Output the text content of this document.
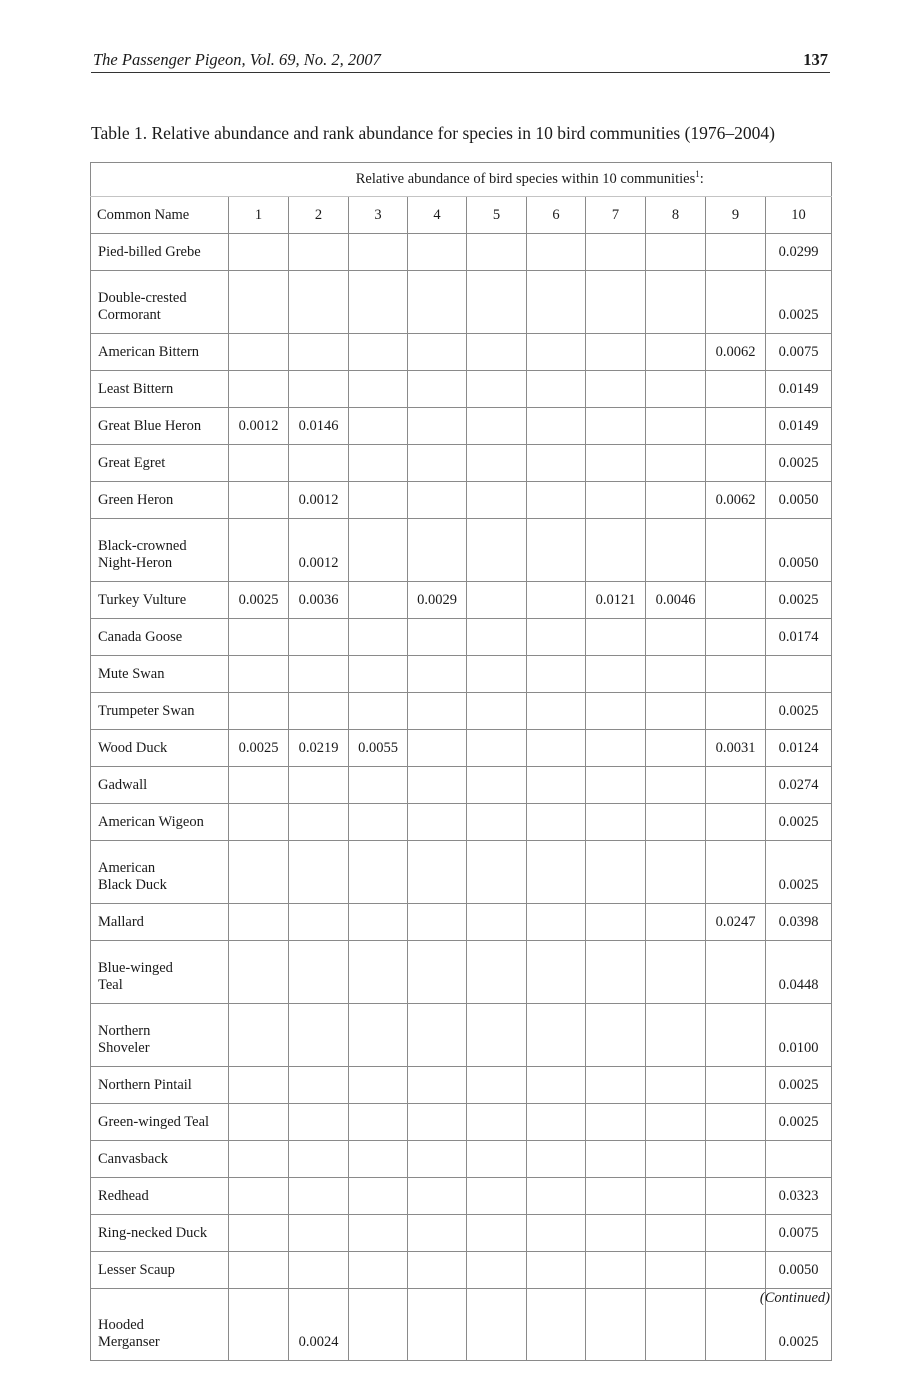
The Passenger Pigeon, Vol. 69, No. 2, 2007	137
Table 1. Relative abundance and rank abundance for species in 10 bird communities (1976–2004)
	Relative abundance of bird species within 10 communities$^1$:									
Common Name	1	2	3	4	5	6	7	8	9	10

Pied-billed Grebe										0.0299

Double-crested
Cormorant										0.0025

American Bittern									0.0062	0.0075

Least Bittern										0.0149

Great Blue Heron	0.0012	0.0146								0.0149

Great Egret										0.0025

Green Heron		0.0012							0.0062	0.0050

Black-crowned
Night-Heron		0.0012								0.0050

Turkey Vulture	0.0025	0.0036		0.0029			0.0121	0.0046		0.0025

Canada Goose										0.0174

Mute Swan										

Trumpeter Swan										0.0025

Wood Duck	0.0025	0.0219	0.0055						0.0031	0.0124

Gadwall										0.0274

American Wigeon										0.0025

American
Black Duck										0.0025

Mallard									0.0247	0.0398

Blue-winged
Teal										0.0448

Northern
Shoveler										0.0100

Northern Pintail										0.0025

Green-winged Teal										0.0025

Canvasback										

Redhead										0.0323

Ring-necked Duck										0.0075

Lesser Scaup										0.0050

Hooded
Merganser		0.0024								0.0025
(Continued)
